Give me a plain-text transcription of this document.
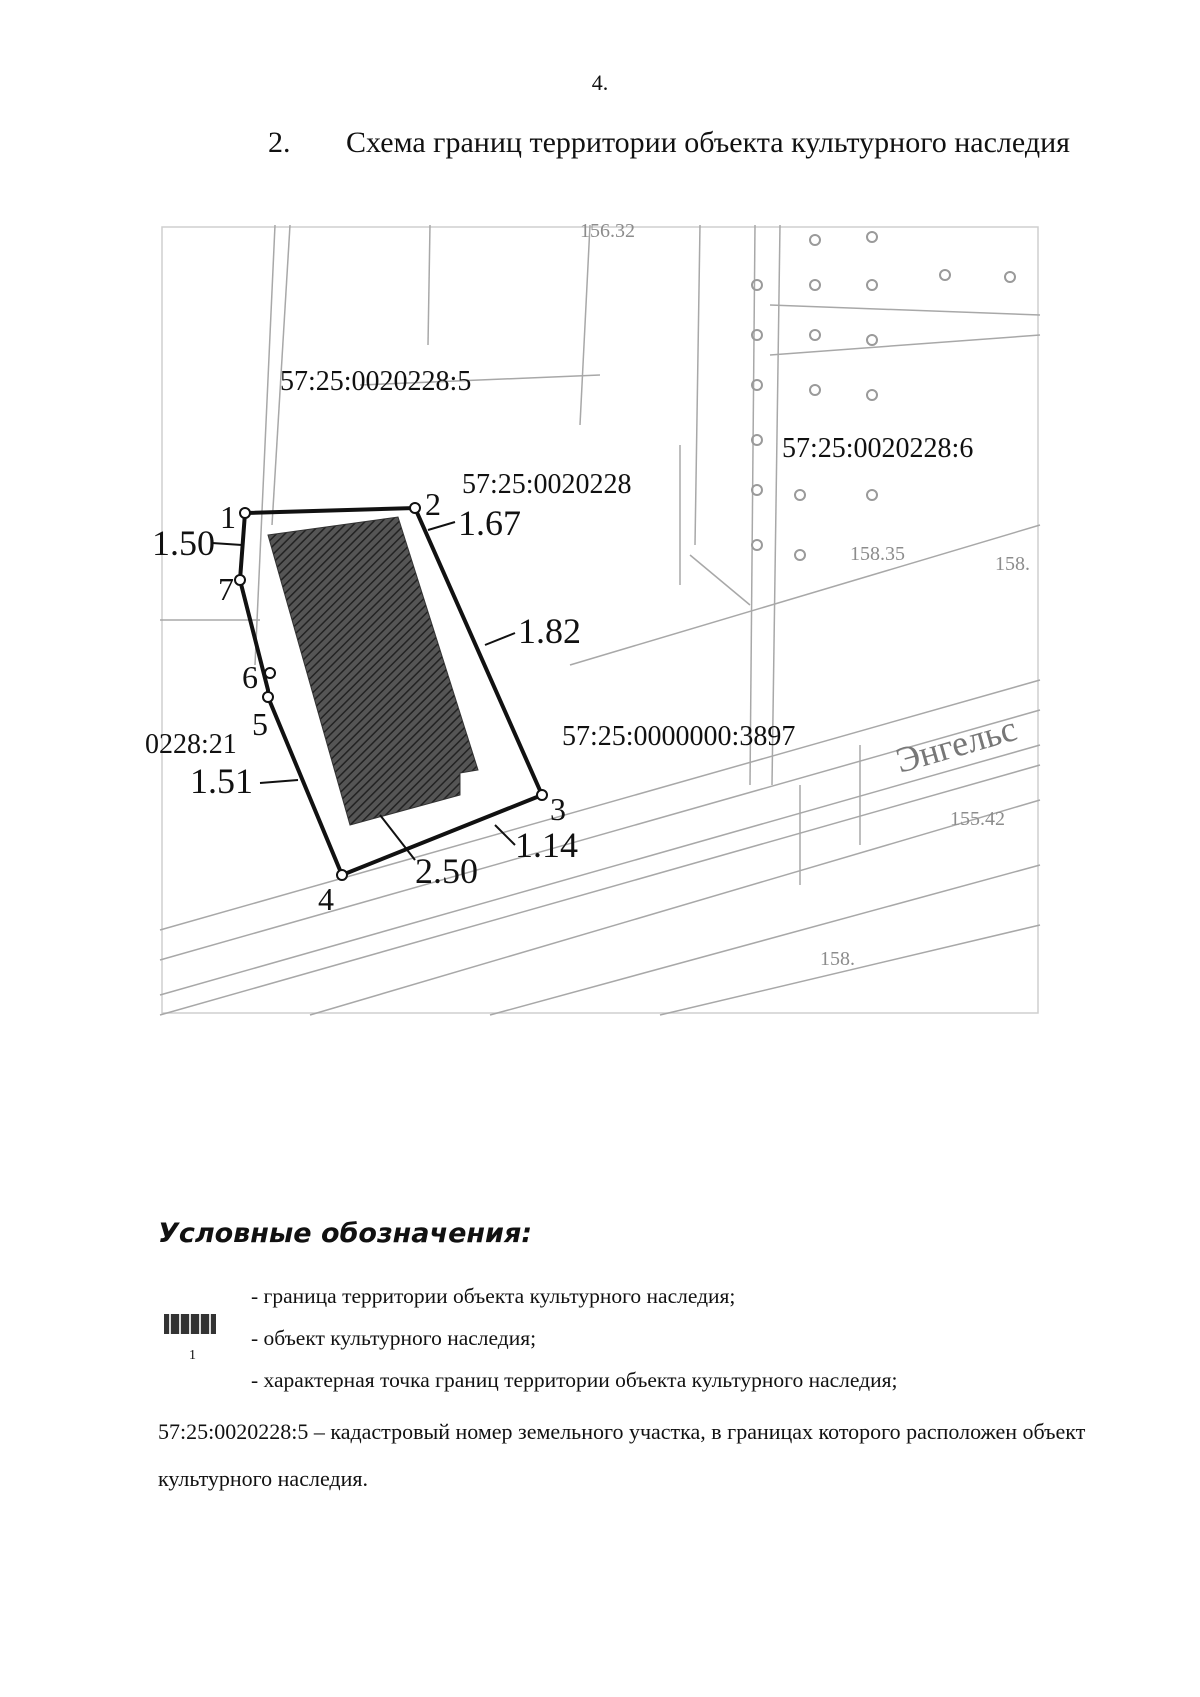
4.
2. Схема границ территории объекта культурного наследия
156.32
158.35	158.
155.42
158.
Энгельс
1	2
3
4
5
6
7
1.50	1.67
1.82
1.51
1.14
2.50
57:25:0020228:5
57:25:0020228
57:25:0020228:6
57:25:0000000:3897
0228:21
Условные обозначения:
- граница территории объекта культурного наследия;
- объект культурного наследия;
1
- характерная точка границ территории объекта культурного наследия;
57:25:0020228:5 – кадастровый номер земельного участка, в границах которого расположен объект культурного наследия.
